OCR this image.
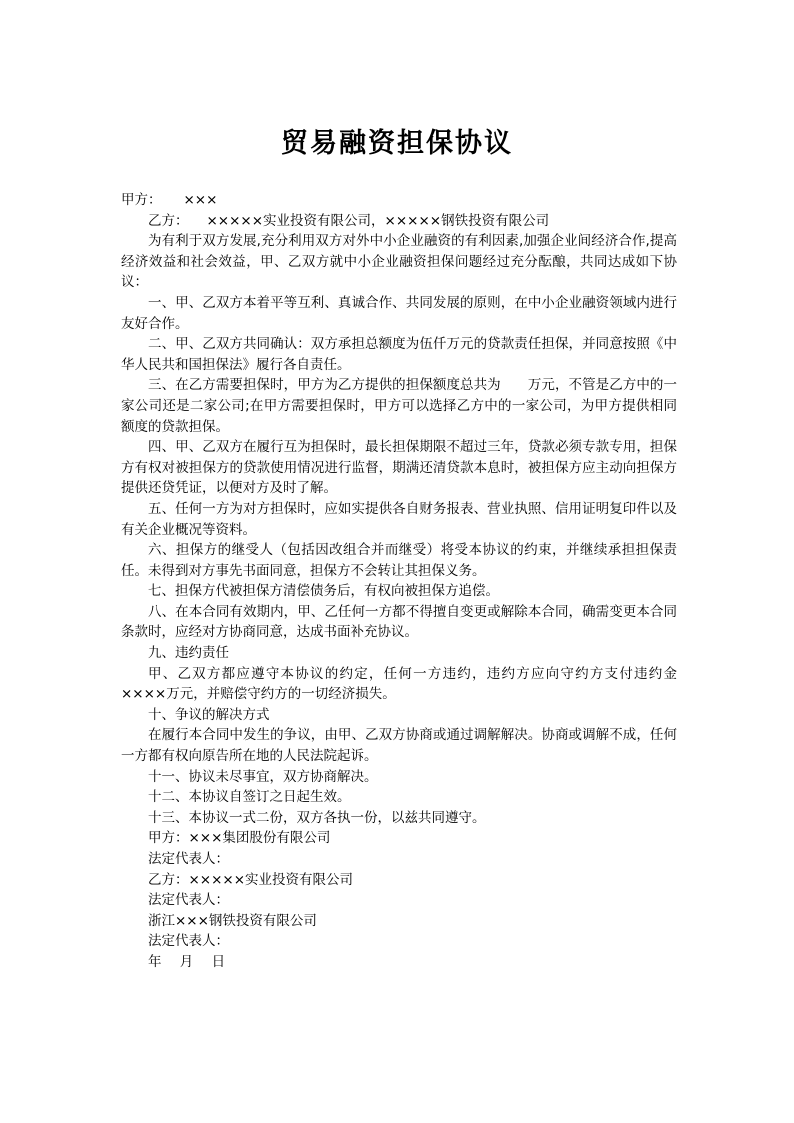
贸易融资担保协议

甲方： ×××

乙方： ×××××实业投资有限公司，×××××钢铁投资有限公司

为有利于双方发展,充分利用双方对外中小企业融资的有利因素,加强企业间经济合作,提高经济效益和社会效益，甲、乙双方就中小企业融资担保问题经过充分酝酿，共同达成如下协议：

一、甲、乙双方本着平等互利、真诚合作、共同发展的原则，在中小企业融资领域内进行友好合作。

二、甲、乙双方共同确认：双方承担总额度为伍仟万元的贷款责任担保，并同意按照《中华人民共和国担保法》履行各自责任。

三、在乙方需要担保时，甲方为乙方提供的担保额度总共为　　万元，不管是乙方中的一家公司还是二家公司;在甲方需要担保时，甲方可以选择乙方中的一家公司，为甲方提供相同额度的贷款担保。

四、甲、乙双方在履行互为担保时，最长担保期限不超过三年，贷款必须专款专用，担保方有权对被担保方的贷款使用情况进行监督，期满还清贷款本息时，被担保方应主动向担保方提供还贷凭证，以便对方及时了解。

五、任何一方为对方担保时，应如实提供各自财务报表、营业执照、信用证明复印件以及有关企业概况等资料。

六、担保方的继受人（包括因改组合并而继受）将受本协议的约束，并继续承担担保责任。未得到对方事先书面同意，担保方不会转让其担保义务。

七、担保方代被担保方清偿债务后，有权向被担保方追偿。

八、在本合同有效期内，甲、乙任何一方都不得擅自变更或解除本合同，确需变更本合同条款时，应经对方协商同意，达成书面补充协议。

九、违约责任

甲、乙双方都应遵守本协议的约定，任何一方违约，违约方应向守约方支付违约金××××万元，并赔偿守约方的一切经济损失。

十、争议的解决方式

在履行本合同中发生的争议，由甲、乙双方协商或通过调解解决。协商或调解不成，任何一方都有权向原告所在地的人民法院起诉。

十一、协议未尽事宜，双方协商解决。

十二、本协议自签订之日起生效。

十三、本协议一式二份，双方各执一份，以兹共同遵守。

甲方：×××集团股份有限公司

法定代表人：

乙方：×××××实业投资有限公司

法定代表人：

浙江×××钢铁投资有限公司

法定代表人：

年 月 日
